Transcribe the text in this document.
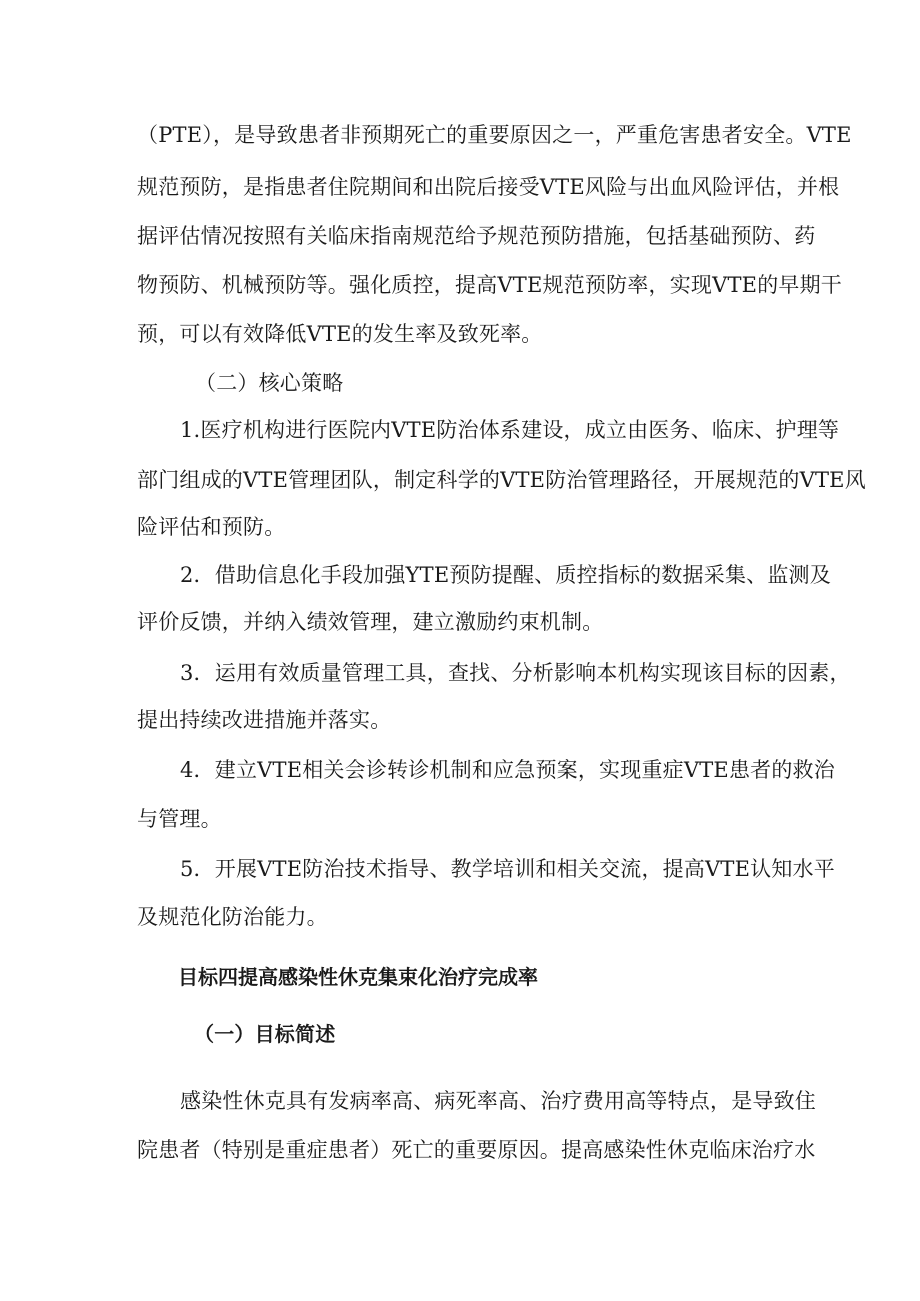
（PTE），是导致患者非预期死亡的重要原因之一，严重危害患者安全。VTE
规范预防，是指患者住院期间和出院后接受VTE风险与出血风险评估，并根
据评估情况按照有关临床指南规范给予规范预防措施，包括基础预防、药
物预防、机械预防等。强化质控，提高VTE规范预防率，实现VTE的早期干
预，可以有效降低VTE的发生率及致死率。
（二）核心策略
1.医疗机构进行医院内VTE防治体系建设，成立由医务、临床、护理等
部门组成的VTE管理团队，制定科学的VTE防治管理路径，开展规范的VTE风
险评估和预防。
2．借助信息化手段加强YTE预防提醒、质控指标的数据采集、监测及
评价反馈，并纳入绩效管理，建立激励约束机制。
3．运用有效质量管理工具，查找、分析影响本机构实现该目标的因素，
提出持续改进措施并落实。
4．建立VTE相关会诊转诊机制和应急预案，实现重症VTE患者的救治
与管理。
5．开展VTE防治技术指导、教学培训和相关交流，提高VTE认知水平
及规范化防治能力。
目标四提高感染性休克集束化治疗完成率
（一）目标简述
感染性休克具有发病率高、病死率高、治疗费用高等特点，是导致住
院患者（特别是重症患者）死亡的重要原因。提高感染性休克临床治疗水
